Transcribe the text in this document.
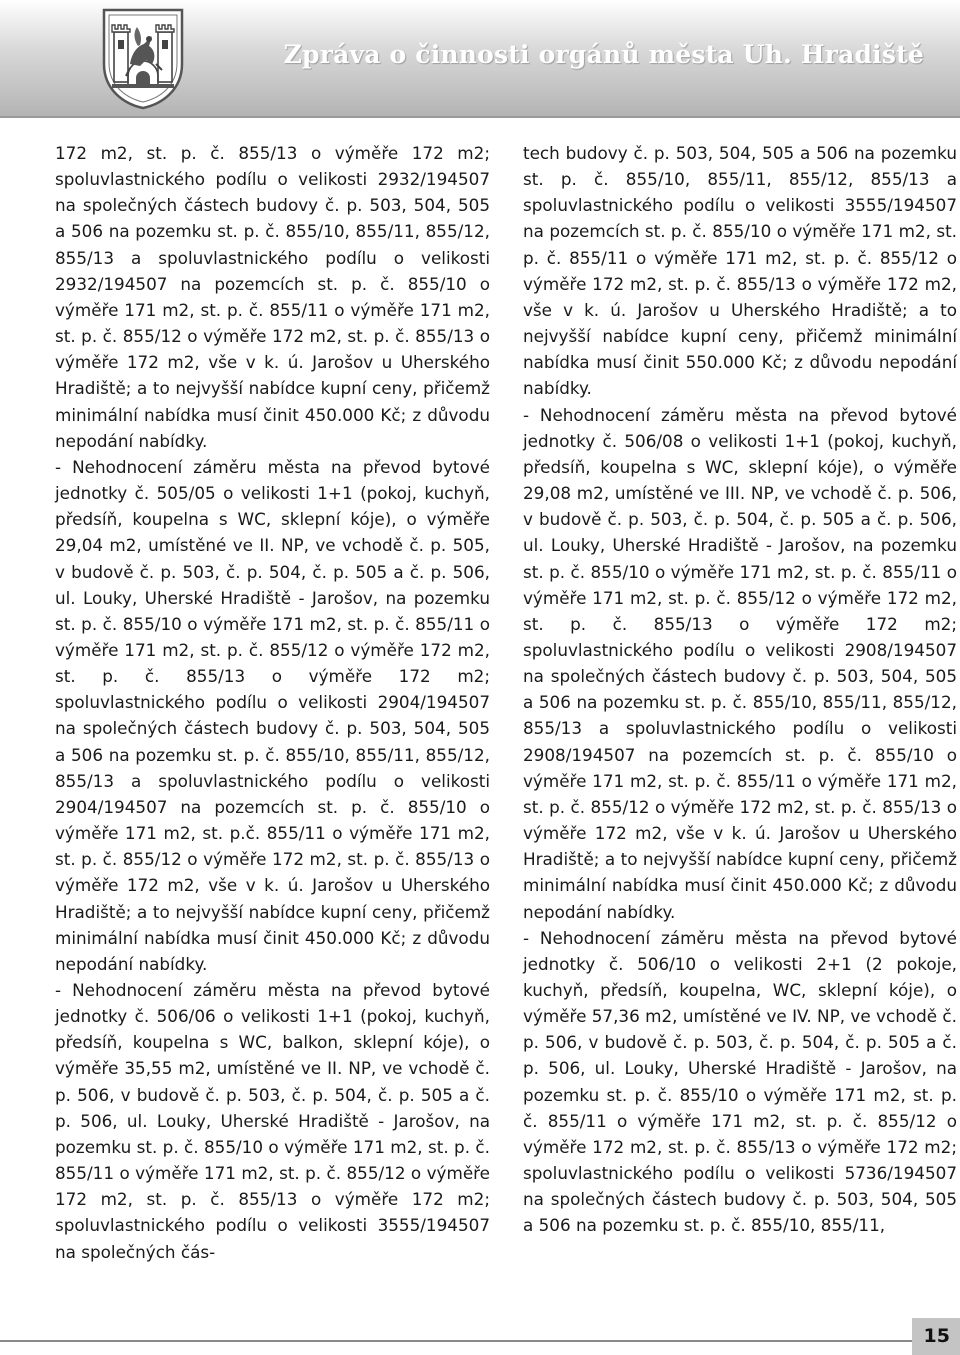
Zpráva o činnosti orgánů města Uh. Hradiště

172 m2, st. p. č. 855/13 o výměře 172 m2; spoluvlastnického podílu o velikosti 2932/194507 na společných částech budovy č. p. 503, 504, 505 a 506 na pozemku st. p. č. 855/10, 855/11, 855/12, 855/13 a spoluvlastnického podílu o velikosti 2932/194507 na pozemcích st. p. č. 855/10 o výměře 171 m2, st. p. č. 855/11 o výměře 171 m2, st. p. č. 855/12 o výměře 172 m2, st. p. č. 855/13 o výměře 172 m2, vše v k. ú. Jarošov u Uherského Hradiště; a to nejvyšší nabídce kupní ceny, přičemž minimální nabídka musí činit 450.000 Kč; z důvodu nepodání nabídky.

- Nehodnocení záměru města na převod bytové jednotky č. 505/05 o velikosti 1+1 (pokoj, kuchyň, předsíň, koupelna s WC, sklepní kóje), o výměře 29,04 m2, umístěné ve II. NP, ve vchodě č. p. 505, v budově č. p. 503, č. p. 504, č. p. 505 a č. p. 506, ul. Louky, Uherské Hradiště - Jarošov, na pozemku st. p. č. 855/10 o výměře 171 m2, st. p. č. 855/11 o výměře 171 m2, st. p. č. 855/12 o výměře 172 m2, st. p. č. 855/13 o výměře 172 m2; spoluvlastnického podílu o velikosti 2904/194507 na společných částech budovy č. p. 503, 504, 505 a 506 na pozemku st. p. č. 855/10, 855/11, 855/12, 855/13 a spoluvlastnického podílu o velikosti 2904/194507 na pozemcích st. p. č. 855/10 o výměře 171 m2, st. p.č. 855/11 o výměře 171 m2, st. p. č. 855/12 o výměře 172 m2, st. p. č. 855/13 o výměře 172 m2, vše v k. ú. Jarošov u Uherského Hradiště; a to nejvyšší nabídce kupní ceny, přičemž minimální nabídka musí činit 450.000 Kč; z důvodu nepodání nabídky.

- Nehodnocení záměru města na převod bytové jednotky č. 506/06 o velikosti 1+1 (pokoj, kuchyň, předsíň, koupelna s WC, balkon, sklepní kóje), o výměře 35,55 m2, umístěné ve II. NP, ve vchodě č. p. 506, v budově č. p. 503, č. p. 504, č. p. 505 a č. p. 506, ul. Louky, Uherské Hradiště - Jarošov, na pozemku st. p. č. 855/10 o výměře 171 m2, st. p. č. 855/11 o výměře 171 m2, st. p. č. 855/12 o výměře 172 m2, st. p. č. 855/13 o výměře 172 m2; spoluvlastnického podílu o velikosti 3555/194507 na společných čás-

tech budovy č. p. 503, 504, 505 a 506 na pozemku st. p. č. 855/10, 855/11, 855/12, 855/13 a spoluvlastnického podílu o velikosti 3555/194507 na pozemcích st. p. č. 855/10 o výměře 171 m2, st. p. č. 855/11 o výměře 171 m2, st. p. č. 855/12 o výměře 172 m2, st. p. č. 855/13 o výměře 172 m2, vše v k. ú. Jarošov u Uherského Hradiště; a to nejvyšší nabídce kupní ceny, přičemž minimální nabídka musí činit 550.000 Kč; z důvodu nepodání nabídky.

- Nehodnocení záměru města na převod bytové jednotky č. 506/08 o velikosti 1+1 (pokoj, kuchyň, předsíň, koupelna s WC, sklepní kóje), o výměře 29,08 m2, umístěné ve III. NP, ve vchodě č. p. 506, v budově č. p. 503, č. p. 504, č. p. 505 a č. p. 506, ul. Louky, Uherské Hradiště - Jarošov, na pozemku st. p. č. 855/10 o výměře 171 m2, st. p. č. 855/11 o výměře 171 m2, st. p. č. 855/12 o výměře 172 m2, st. p. č. 855/13 o výměře 172 m2; spoluvlastnického podílu o velikosti 2908/194507 na společných částech budovy č. p. 503, 504, 505 a 506 na pozemku st. p. č. 855/10, 855/11, 855/12, 855/13 a spoluvlastnického podílu o velikosti 2908/194507 na pozemcích st. p. č. 855/10 o výměře 171 m2, st. p. č. 855/11 o výměře 171 m2, st. p. č. 855/12 o výměře 172 m2, st. p. č. 855/13 o výměře 172 m2, vše v k. ú. Jarošov u Uherského Hradiště; a to nejvyšší nabídce kupní ceny, přičemž minimální nabídka musí činit 450.000 Kč; z důvodu nepodání nabídky.

- Nehodnocení záměru města na převod bytové jednotky č. 506/10 o velikosti 2+1 (2 pokoje, kuchyň, předsíň, koupelna, WC, sklepní kóje), o výměře 57,36 m2, umístěné ve IV. NP, ve vchodě č. p. 506, v budově č. p. 503, č. p. 504, č. p. 505 a č. p. 506, ul. Louky, Uherské Hradiště - Jarošov, na pozemku st. p. č. 855/10 o výměře 171 m2, st. p. č. 855/11 o výměře 171 m2, st. p. č. 855/12 o výměře 172 m2, st. p. č. 855/13 o výměře 172 m2; spoluvlastnického podílu o velikosti 5736/194507 na společných částech budovy č. p. 503, 504, 505 a 506 na pozemku st. p. č. 855/10, 855/11,

15
